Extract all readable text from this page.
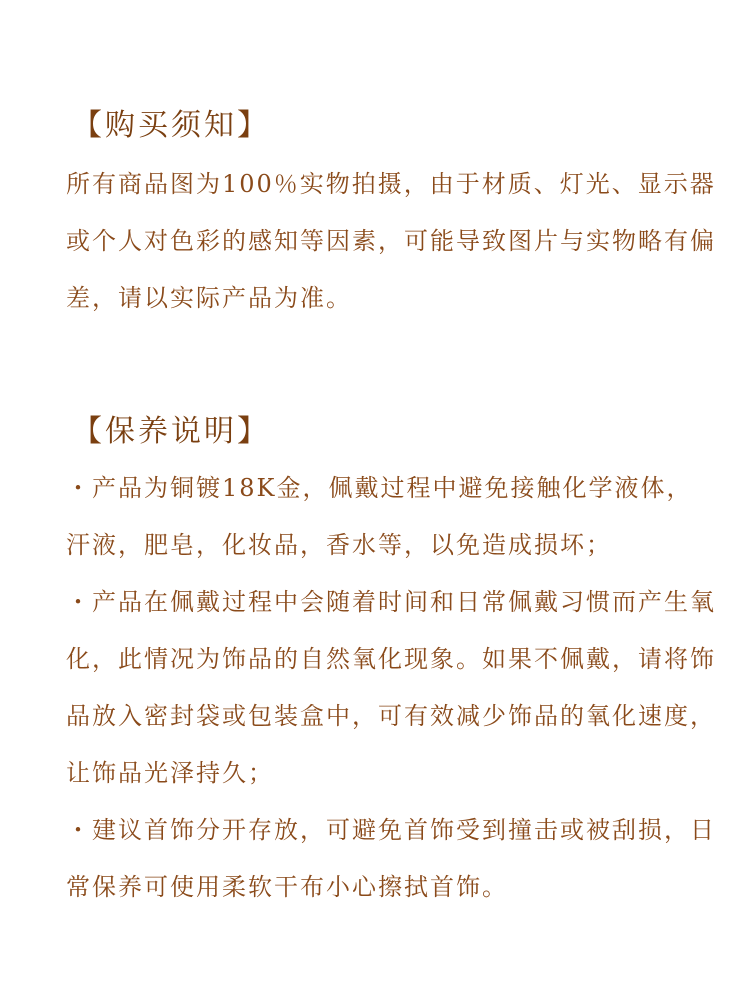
【购买须知】

所有商品图为100％实物拍摄，由于材质、灯光、显示器或个人对色彩的感知等因素，可能导致图片与实物略有偏差，请以实际产品为准。

【保养说明】

・产品为铜镀18K金，佩戴过程中避免接触化学液体，汗液，肥皂，化妆品，香水等，以免造成损坏；

・产品在佩戴过程中会随着时间和日常佩戴习惯而产生氧化，此情况为饰品的自然氧化现象。如果不佩戴，请将饰品放入密封袋或包装盒中，可有效减少饰品的氧化速度，让饰品光泽持久；

・建议首饰分开存放，可避免首饰受到撞击或被刮损，日常保养可使用柔软干布小心擦拭首饰。
